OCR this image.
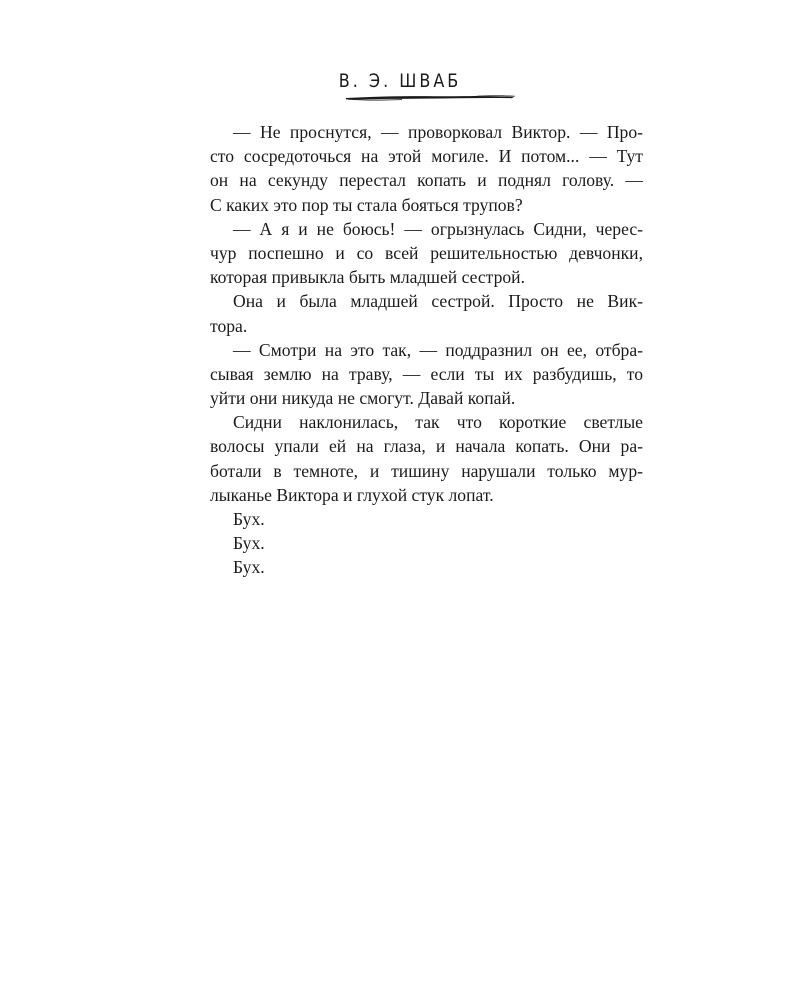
В. Э. ШВАБ
— Не проснутся, — проворковал Виктор. — Про-
сто сосредоточься на этой могиле. И потом... — Тут
он на секунду перестал копать и поднял голову. —
С каких это пор ты стала бояться трупов?
— А я и не боюсь! — огрызнулась Сидни, черес-
чур поспешно и со всей решительностью девчонки,
которая привыкла быть младшей сестрой.
Она и была младшей сестрой. Просто не Вик-
тора.
— Смотри на это так, — поддразнил он ее, отбра-
сывая землю на траву, — если ты их разбудишь, то
уйти они никуда не смогут. Давай копай.
Сидни наклонилась, так что короткие светлые
волосы упали ей на глаза, и начала копать. Они ра-
ботали в темноте, и тишину нарушали только мур-
лыканье Виктора и глухой стук лопат.
Бух.
Бух.
Бух.
